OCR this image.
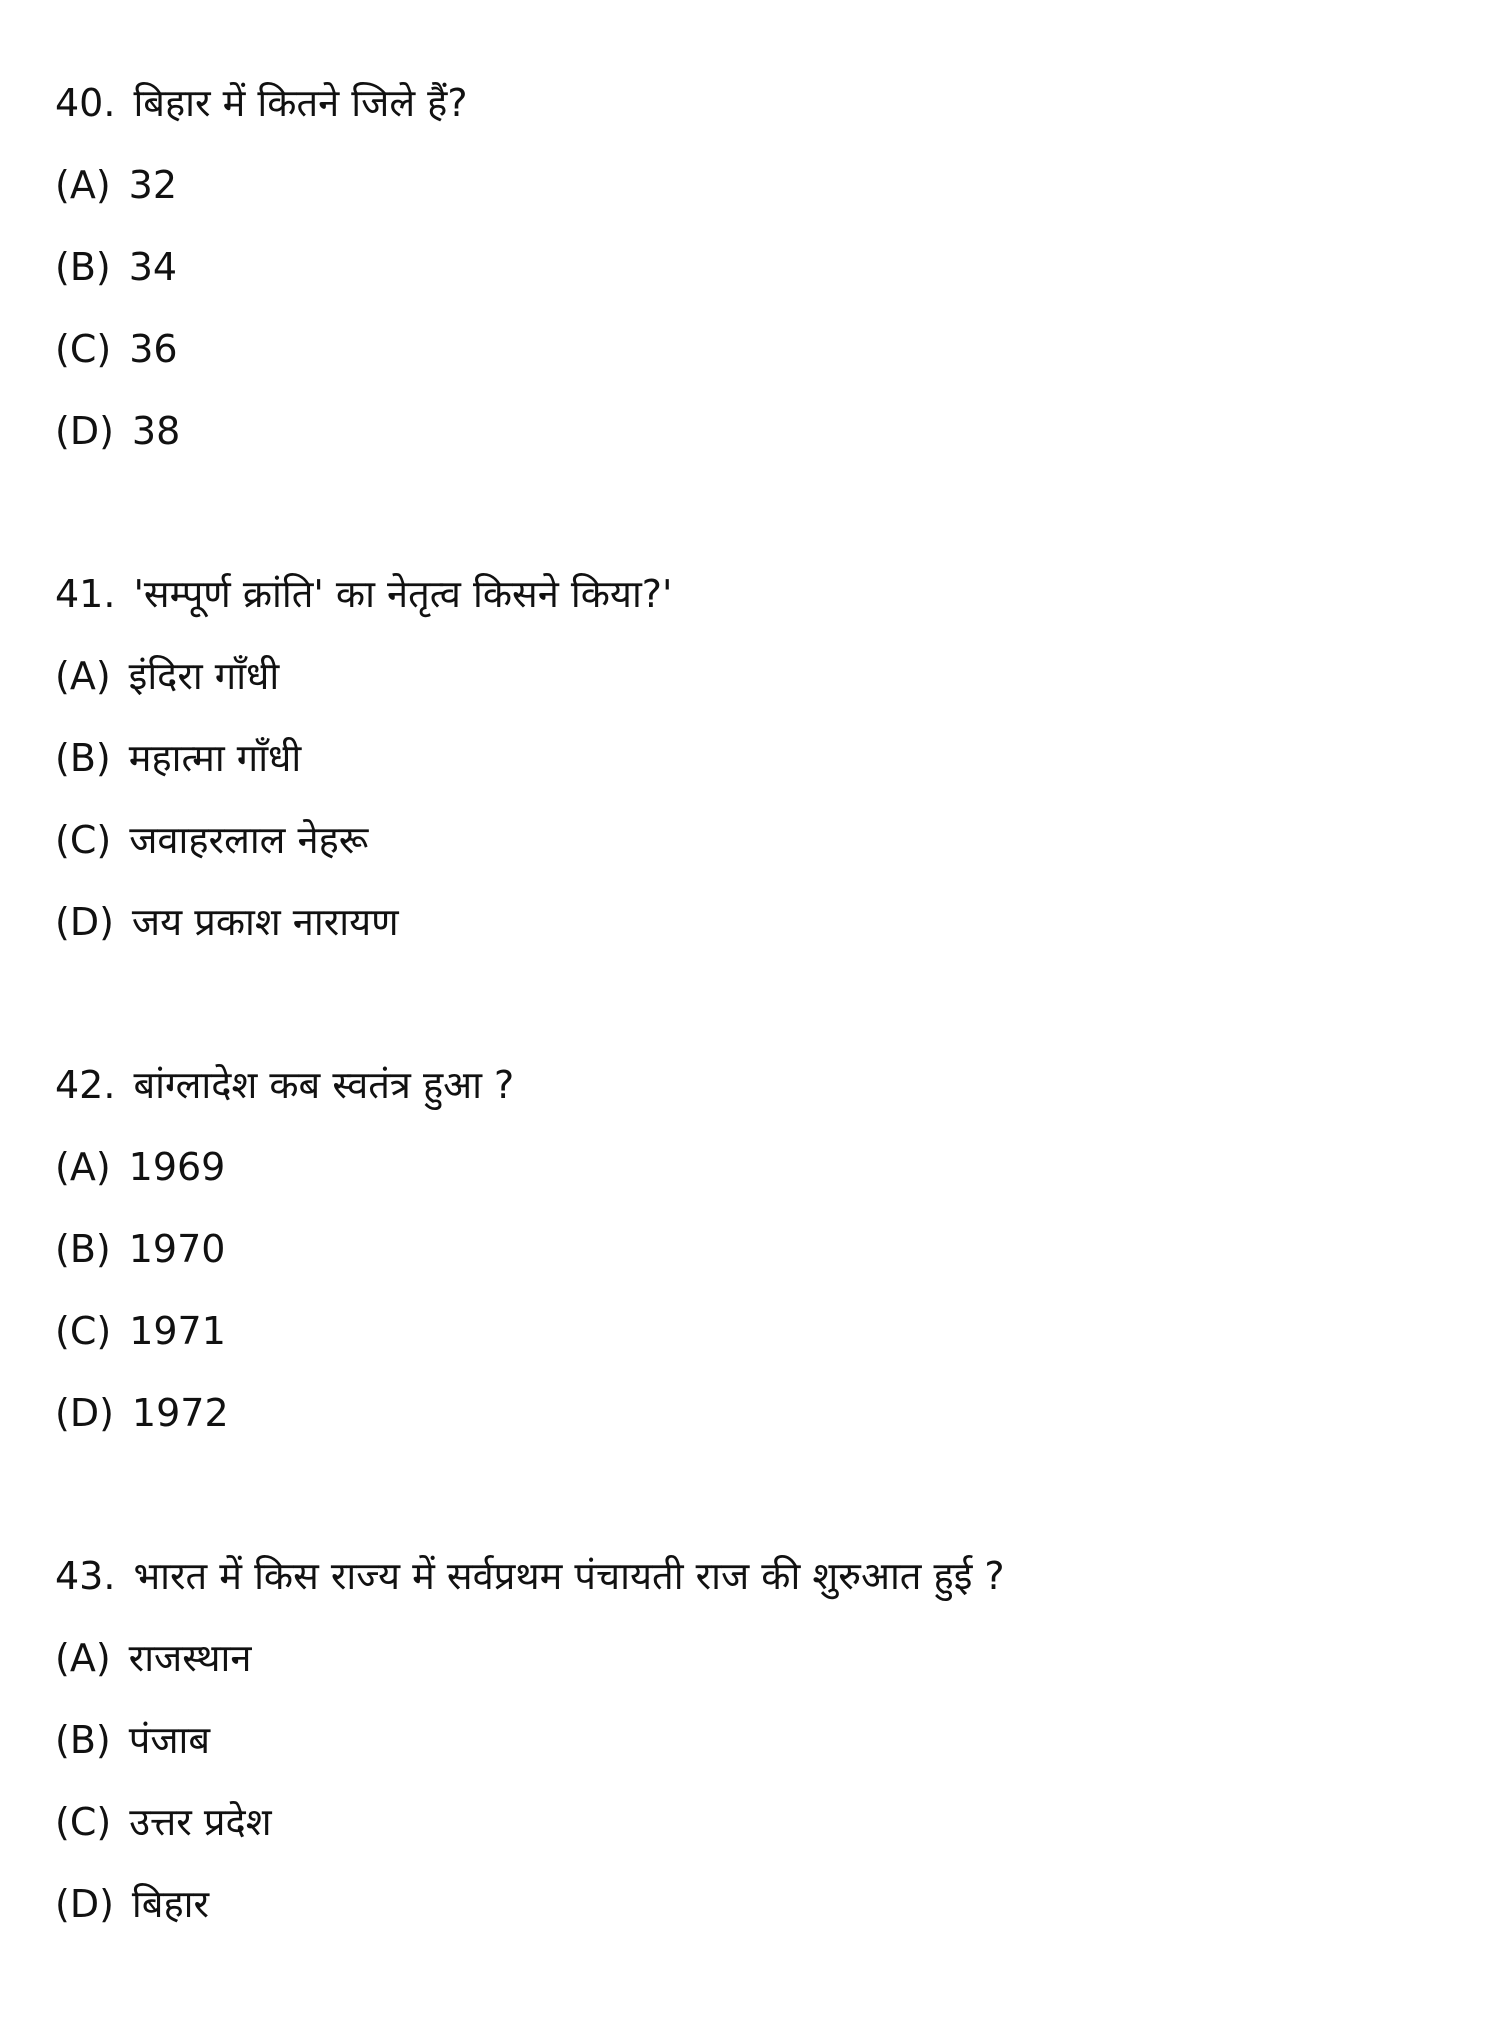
40. बिहार में कितने जिले हैं?
(A) 32
(B) 34
(C) 36
(D) 38
41. 'सम्पूर्ण क्रांति' का नेतृत्व किसने किया?'
(A) इंदिरा गाँधी
(B) महात्मा गाँधी
(C) जवाहरलाल नेहरू
(D) जय प्रकाश नारायण
42. बांग्लादेश कब स्वतंत्र हुआ ?
(A) 1969
(B) 1970
(C) 1971
(D) 1972
43. भारत में किस राज्य में सर्वप्रथम पंचायती राज की शुरुआत हुई ?
(A) राजस्थान
(B) पंजाब
(C) उत्तर प्रदेश
(D) बिहार
